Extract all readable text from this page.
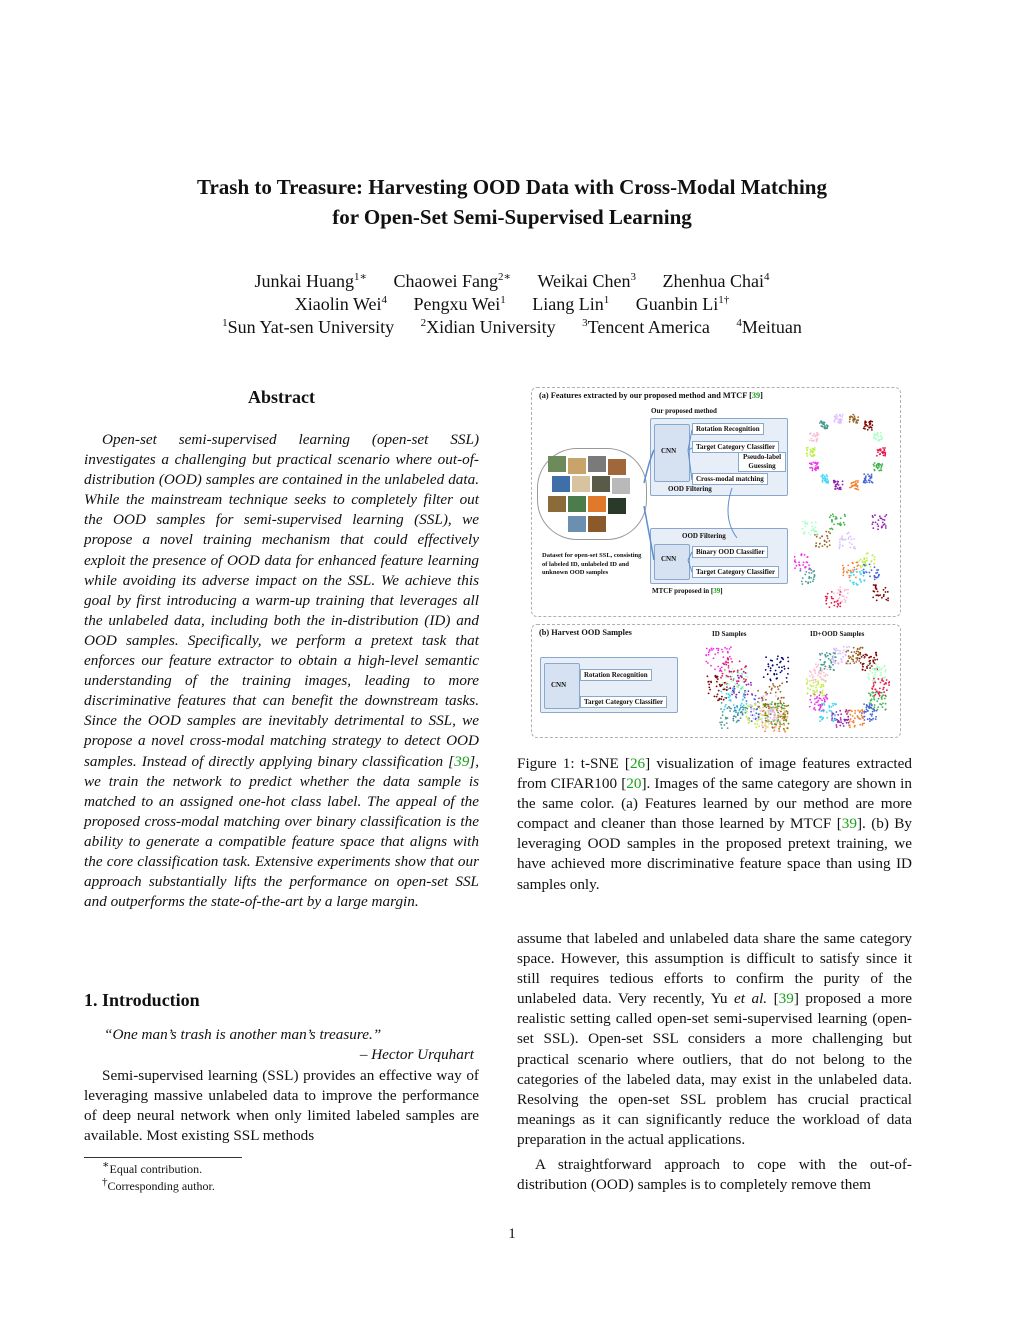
Trash to Treasure: Harvesting OOD Data with Cross-Modal Matching
for Open-Set Semi-Supervised Learning
Junkai Huang$^{1∗}$ Chaowei Fang$^{2∗}$ Weikai Chen$^3$ Zhenhua Chai$^4$
Xiaolin Wei$^4$ Pengxu Wei$^1$ Liang Lin$^1$ Guanbin $Li^{1\dagger}$
$^1$Sun Yat-sen University $^2$Xidian University $^3$Tencent America $^4$Meituan
Abstract
Open-set semi-supervised learning (open-set SSL) investigates a challenging but practical scenario where out-of-distribution (OOD) samples are contained in the unlabeled data. While the mainstream technique seeks to completely filter out the OOD samples for semi-supervised learning (SSL), we propose a novel training mechanism that could effectively exploit the presence of OOD data for enhanced feature learning while avoiding its adverse impact on the SSL. We achieve this goal by first introducing a warm-up training that leverages all the unlabeled data, including both the in-distribution (ID) and OOD samples. Specifically, we perform a pretext task that enforces our feature extractor to obtain a high-level semantic understanding of the training images, leading to more discriminative features that can benefit the downstream tasks. Since the OOD samples are inevitably detrimental to SSL, we propose a novel cross-modal matching strategy to detect OOD samples. Instead of directly applying binary classification [39], we train the network to predict whether the data sample is matched to an assigned one-hot class label. The appeal of the proposed cross-modal matching over binary classification is the ability to generate a compatible feature space that aligns with the core classification task. Extensive experiments show that our approach substantially lifts the performance on open-set SSL and outperforms the state-of-the-art by a large margin.
1. Introduction
“One man’s trash is another man’s treasure.”
– Hector Urquhart
Semi-supervised learning (SSL) provides an effective way of leveraging massive unlabeled data to improve the performance of deep neural network when only limited labeled samples are available. Most existing SSL methods
∗Equal contribution.
†Corresponding author.
(a) Features extracted by our proposed method and MTCF [39]
Our proposed method
Dataset for open-set SSL, consisting of labeled ID, unlabeled ID and unknown OOD samples
CNN
Rotation Recognition
Target Category Classifier
Pseudo-label Guessing
Cross-modal matching
OOD Filtering
OOD Filtering
CNN
Binary OOD Classifier
Target Category Classifier
MTCF proposed in [39]
(b) Harvest OOD Samples	ID Samples	ID+OOD Samples
CNN
Rotation Recognition
Target Category Classifier
Figure 1: t-SNE [26] visualization of image features extracted from CIFAR100 [20]. Images of the same category are shown in the same color. (a) Features learned by our method are more compact and cleaner than those learned by MTCF [39]. (b) By leveraging OOD samples in the proposed pretext training, we have achieved more discriminative feature space than using ID samples only.
assume that labeled and unlabeled data share the same category space. However, this assumption is difficult to satisfy since it still requires tedious efforts to confirm the purity of the unlabeled data. Very recently, Yu et al. [39] proposed a more realistic setting called open-set semi-supervised learning (open-set SSL). Open-set SSL considers a more challenging but practical scenario where outliers, that do not belong to the categories of the labeled data, may exist in the unlabeled data. Resolving the open-set SSL problem has crucial practical meanings as it can significantly reduce the workload of data preparation in the actual applications.
A straightforward approach to cope with the out-of-distribution (OOD) samples is to completely remove them
1
